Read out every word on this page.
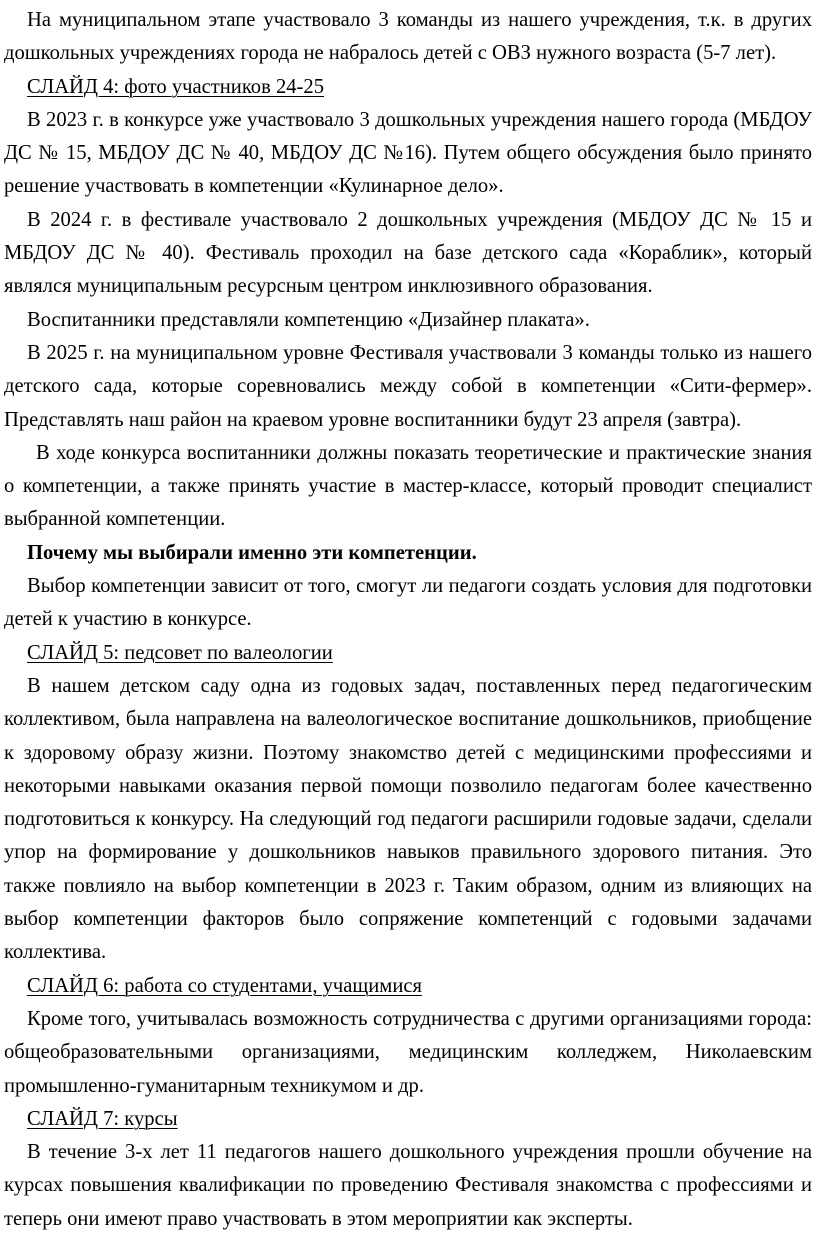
На муниципальном этапе участвовало 3 команды из нашего учреждения, т.к. в других дошкольных учреждениях города не набралось детей с ОВЗ нужного возраста (5-7 лет).

СЛАЙД 4: фото участников 24-25

В 2023 г. в конкурсе уже участвовало 3 дошкольных учреждения нашего города (МБДОУ ДС № 15, МБДОУ ДС № 40, МБДОУ ДС №16). Путем общего обсуждения было принято решение участвовать в компетенции «Кулинарное дело».

В 2024 г. в фестивале участвовало 2 дошкольных учреждения (МБДОУ ДС № 15 и МБДОУ ДС № 40). Фестиваль проходил на базе детского сада «Кораблик», который являлся муниципальным ресурсным центром инклюзивного образования.

Воспитанники представляли компетенцию «Дизайнер плаката».

В 2025 г. на муниципальном уровне Фестиваля участвовали 3 команды только из нашего детского сада, которые соревновались между собой в компетенции «Сити-фермер». Представлять наш район на краевом уровне воспитанники будут 23 апреля (завтра).

В ходе конкурса воспитанники должны показать теоретические и практические знания о компетенции, а также принять участие в мастер-классе, который проводит специалист выбранной компетенции.

Почему мы выбирали именно эти компетенции.

Выбор компетенции зависит от того, смогут ли педагоги создать условия для подготовки детей к участию в конкурсе.

СЛАЙД 5: педсовет по валеологии

В нашем детском саду одна из годовых задач, поставленных перед педагогическим коллективом, была направлена на валеологическое воспитание дошкольников, приобщение к здоровому образу жизни. Поэтому знакомство детей с медицинскими профессиями и некоторыми навыками оказания первой помощи позволило педагогам более качественно подготовиться к конкурсу. На следующий год педагоги расширили годовые задачи, сделали упор на формирование у дошкольников навыков правильного здорового питания. Это также повлияло на выбор компетенции в 2023 г. Таким образом, одним из влияющих на выбор компетенции факторов было сопряжение компетенций с годовыми задачами коллектива.

СЛАЙД 6: работа со студентами, учащимися

Кроме того, учитывалась возможность сотрудничества с другими организациями города: общеобразовательными организациями, медицинским колледжем, Николаевским промышленно-гуманитарным техникумом и др.

СЛАЙД 7: курсы

В течение 3-х лет 11 педагогов нашего дошкольного учреждения прошли обучение на курсах повышения квалификации по проведению Фестиваля знакомства с профессиями и теперь они имеют право участвовать в этом мероприятии как эксперты.
